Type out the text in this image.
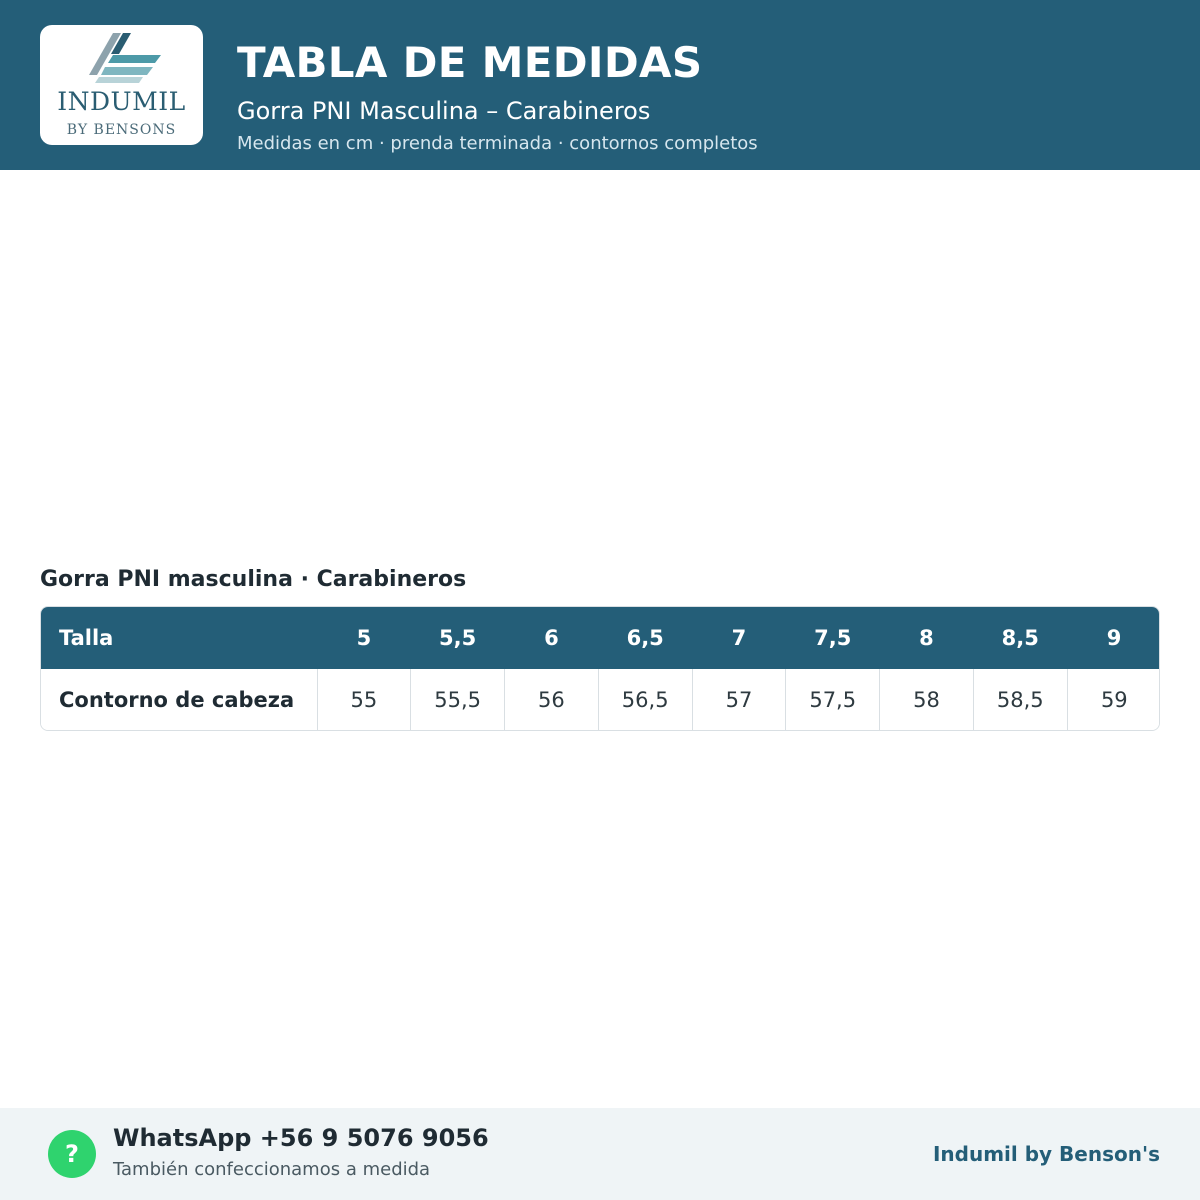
INDUMIL
BY BENSONS
TABLA DE MEDIDAS
Gorra PNI Masculina – Carabineros
Medidas en cm · prenda terminada · contornos completos
Gorra PNI masculina · Carabineros
Talla	5	5,5	6	6,5	7	7,5	8	8,5	9
Contorno de cabeza	55	55,5	56	56,5	57	57,5	58	58,5	59
?
WhatsApp +56 9 5076 9056
También confeccionamos a medida
Indumil by Benson's
